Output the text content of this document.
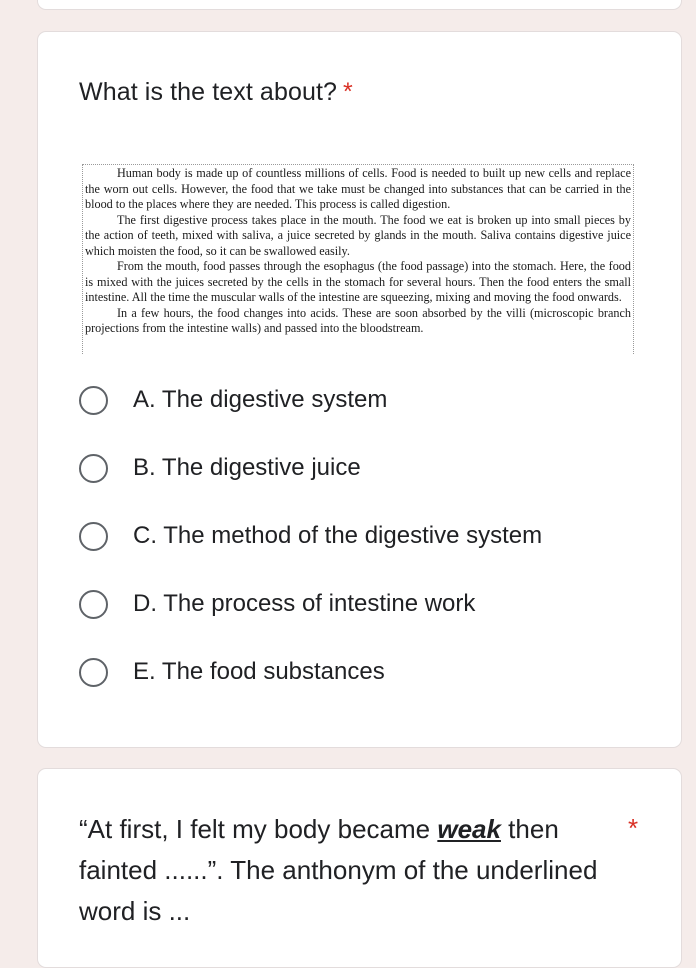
What is the text about? *

Human body is made up of countless millions of cells. Food is needed to built up new cells and replace the worn out cells. However, the food that we take must be changed into substances that can be carried in the blood to the places where they are needed. This process is called digestion.

The first digestive process takes place in the mouth. The food we eat is broken up into small pieces by the action of teeth, mixed with saliva, a juice secreted by glands in the mouth. Saliva contains digestive juice which moisten the food, so it can be swallowed easily.

From the mouth, food passes through the esophagus (the food passage) into the stomach. Here, the food is mixed with the juices secreted by the cells in the stomach for several hours. Then the food enters the small intestine. All the time the muscular walls of the intestine are squeezing, mixing and moving the food onwards.

In a few hours, the food changes into acids. These are soon absorbed by the villi (microscopic branch projections from the intestine walls) and passed into the bloodstream.

A. The digestive system
B. The digestive juice
C. The method of the digestive system
D. The process of intestine work
E. The food substances
“At first, I felt my body became weak then fainted ......”. The anthonym of the underlined word is ...
*
